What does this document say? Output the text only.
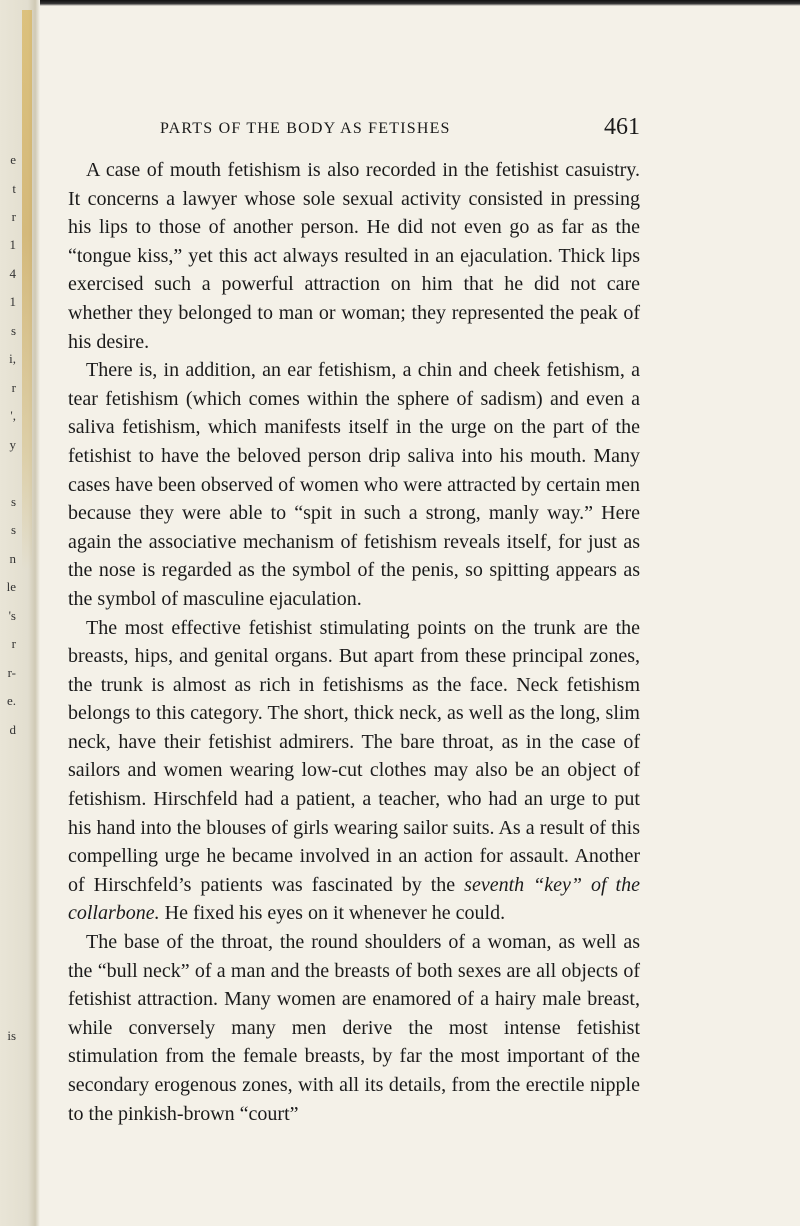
e
t
r
1
4
1
s
i,
r
',
y
s
s
n
le
's
r
r-
e.
d
is
PARTS OF THE BODY AS FETISHES	461

A case of mouth fetishism is also recorded in the fetishist casuistry. It concerns a lawyer whose sole sexual activity consisted in pressing his lips to those of another person. He did not even go as far as the “tongue kiss,” yet this act always resulted in an ejaculation. Thick lips exercised such a powerful attraction on him that he did not care whether they belonged to man or woman; they represented the peak of his desire.

There is, in addition, an ear fetishism, a chin and cheek fetishism, a tear fetishism (which comes within the sphere of sadism) and even a saliva fetishism, which manifests itself in the urge on the part of the fetishist to have the beloved person drip saliva into his mouth. Many cases have been observed of women who were attracted by certain men because they were able to “spit in such a strong, manly way.” Here again the associative mechanism of fetishism reveals itself, for just as the nose is regarded as the symbol of the penis, so spitting appears as the symbol of masculine ejaculation.

The most effective fetishist stimulating points on the trunk are the breasts, hips, and genital organs. But apart from these principal zones, the trunk is almost as rich in fetishisms as the face. Neck fetishism belongs to this category. The short, thick neck, as well as the long, slim neck, have their fetishist admirers. The bare throat, as in the case of sailors and women wearing low-cut clothes may also be an object of fetishism. Hirschfeld had a patient, a teacher, who had an urge to put his hand into the blouses of girls wearing sailor suits. As a result of this compelling urge he became involved in an action for assault. Another of Hirschfeld’s patients was fascinated by the seventh “key” of the collarbone. He fixed his eyes on it whenever he could.

The base of the throat, the round shoulders of a woman, as well as the “bull neck” of a man and the breasts of both sexes are all objects of fetishist attraction. Many women are enamored of a hairy male breast, while conversely many men derive the most intense fetishist stimulation from the female breasts, by far the most important of the secondary erogenous zones, with all its details, from the erectile nipple to the pinkish-brown “court”
